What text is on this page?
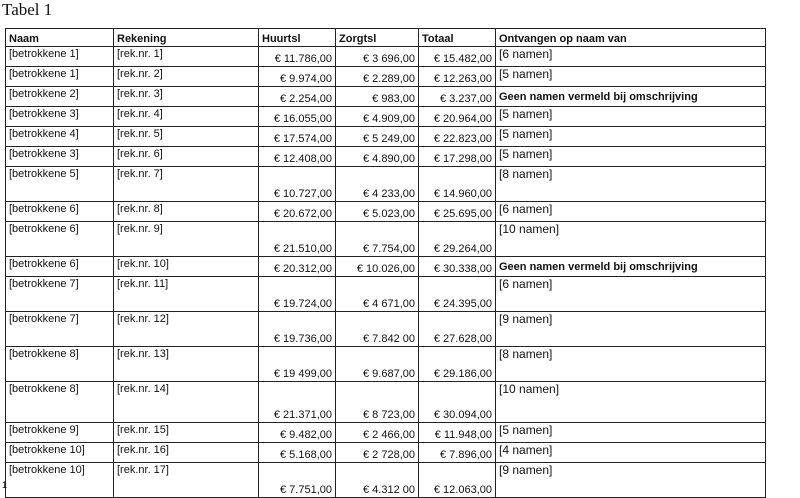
Tabel 1
Naam	Rekening	Huurtsl	Zorgtsl	Totaal	Ontvangen op naam van
[betrokkene 1]	[rek.nr. 1]	€ 11.786,00	€ 3 696,00	€ 15.482,00	[6 namen]
[betrokkene 1]	[rek.nr. 2]	€ 9.974,00	€ 2.289,00	€ 12.263,00	[5 namen]
[betrokkene 2]	[rek.nr. 3]	€ 2.254,00	€ 983,00	€ 3.237,00	Geen namen vermeld bij omschrijving
[betrokkene 3]	[rek.nr. 4]	€ 16.055,00	€ 4.909,00	€ 20.964,00	[5 namen]
[betrokkene 4]	[rek.nr. 5]	€ 17.574,00	€ 5 249,00	€ 22.823,00	[5 namen]
[betrokkene 3]	[rek.nr. 6]	€ 12.408,00	€ 4.890,00	€ 17.298,00	[5 namen]
[betrokkene 5]	[rek.nr. 7]	€ 10.727,00	€ 4 233,00	€ 14.960,00	[8 namen]
[betrokkene 6]	[rek.nr. 8]	€ 20.672,00	€ 5.023,00	€ 25.695,00	[6 namen]
[betrokkene 6]	[rek.nr. 9]	€ 21.510,00	€ 7.754,00	€ 29.264,00	[10 namen]
[betrokkene 6]	[rek.nr. 10]	€ 20.312,00	€ 10.026,00	€ 30.338,00	Geen namen vermeld bij omschrijving
[betrokkene 7]	[rek.nr. 11]	€ 19.724,00	€ 4 671,00	€ 24.395,00	[6 namen]
[betrokkene 7]	[rek.nr. 12]	€ 19.736,00	€ 7.842 00	€ 27.628,00	[9 namen]
[betrokkene 8]	[rek.nr. 13]	€ 19 499,00	€ 9.687,00	€ 29.186,00	[8 namen]
[betrokkene 8]	[rek.nr. 14]	€ 21.371,00	€ 8 723,00	€ 30.094,00	[10 namen]
[betrokkene 9]	[rek.nr. 15]	€ 9.482,00	€ 2 466,00	€ 11.948,00	[5 namen]
[betrokkene 10]	[rek.nr. 16]	€ 5.168,00	€ 2 728,00	€ 7.896,00	[4 namen]
[betrokkene 10]	[rek.nr. 17]	€ 7.751,00	€ 4.312 00	€ 12.063,00	[9 namen]
1
